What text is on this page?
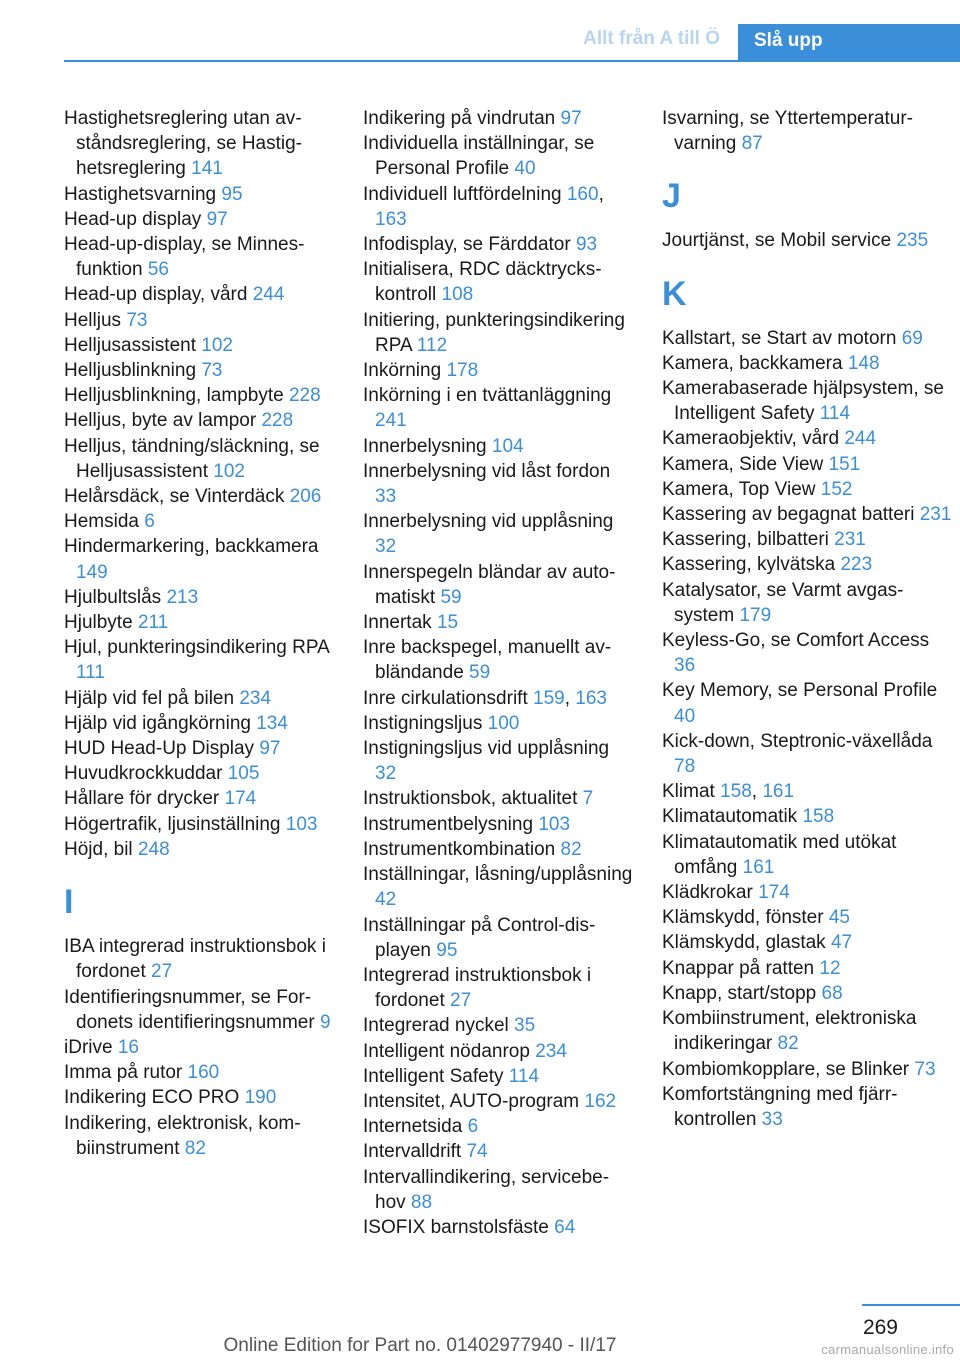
Allt från A till Ö	Slå upp
Hastighetsreglering utan avståndsreglering, se Hastighetsreglering 141
Hastighetsvarning 95
Head-up display 97
Head-up-display, se Minnesfunktion 56
Head-up display, vård 244
Helljus 73
Helljusassistent 102
Helljusblinkning 73
Helljusblinkning, lampbyte 228
Helljus, byte av lampor 228
Helljus, tändning/släckning, se Helljusassistent 102
Helårsdäck, se Vinterdäck 206
Hemsida 6
Hindermarkering, backkamera 149
Hjulbultslås 213
Hjulbyte 211
Hjul, punkteringsindikering RPA 111
Hjälp vid fel på bilen 234
Hjälp vid igångkörning 134
HUD Head-Up Display 97
Huvudkrockkuddar 105
Hållare för drycker 174
Högertrafik, ljusinställning 103
Höjd, bil 248
I
IBA integrerad instruktionsbok i fordonet 27
Identifieringsnummer, se Fordonets identifieringsnummer 9
iDrive 16
Imma på rutor 160
Indikering ECO PRO 190
Indikering, elektronisk, kombiinstrument 82
Indikering på vindrutan 97
Individuella inställningar, se Personal Profile 40
Individuell luftfördelning 160, 163
Infodisplay, se Färddator 93
Initialisera, RDC däcktryckskontroll 108
Initiering, punkteringsindikering RPA 112
Inkörning 178
Inkörning i en tvättanläggning 241
Innerbelysning 104
Innerbelysning vid låst fordon 33
Innerbelysning vid upplåsning 32
Innerspegeln bländar av automatiskt 59
Innertak 15
Inre backspegel, manuellt avbländande 59
Inre cirkulationsdrift 159, 163
Instigningsljus 100
Instigningsljus vid upplåsning 32
Instruktionsbok, aktualitet 7
Instrumentbelysning 103
Instrumentkombination 82
Inställningar, låsning/upplåsning 42
Inställningar på Control-displayen 95
Integrerad instruktionsbok i fordonet 27
Integrerad nyckel 35
Intelligent nödanrop 234
Intelligent Safety 114
Intensitet, AUTO-program 162
Internetsida 6
Intervalldrift 74
Intervallindikering, servicebehov 88
ISOFIX barnstolsfäste 64
Isvarning, se Yttertemperaturvarning 87
J
Jourtjänst, se Mobil service 235
K
Kallstart, se Start av motorn 69
Kamera, backkamera 148
Kamerabaserade hjälpsystem, se Intelligent Safety 114
Kameraobjektiv, vård 244
Kamera, Side View 151
Kamera, Top View 152
Kassering av begagnat batteri 231
Kassering, bilbatteri 231
Kassering, kylvätska 223
Katalysator, se Varmt avgassystem 179
Keyless-Go, se Comfort Access 36
Key Memory, se Personal Profile 40
Kick-down, Steptronic-växellåda 78
Klimat 158, 161
Klimatautomatik 158
Klimatautomatik med utökat omfång 161
Klädkrokar 174
Klämskydd, fönster 45
Klämskydd, glastak 47
Knappar på ratten 12
Knapp, start/stopp 68
Kombiinstrument, elektroniska indikeringar 82
Kombiomkopplare, se Blinker 73
Komfortstängning med fjärrkontrollen 33
269
Online Edition for Part no. 01402977940 - II/17	carmanualsonline.info
